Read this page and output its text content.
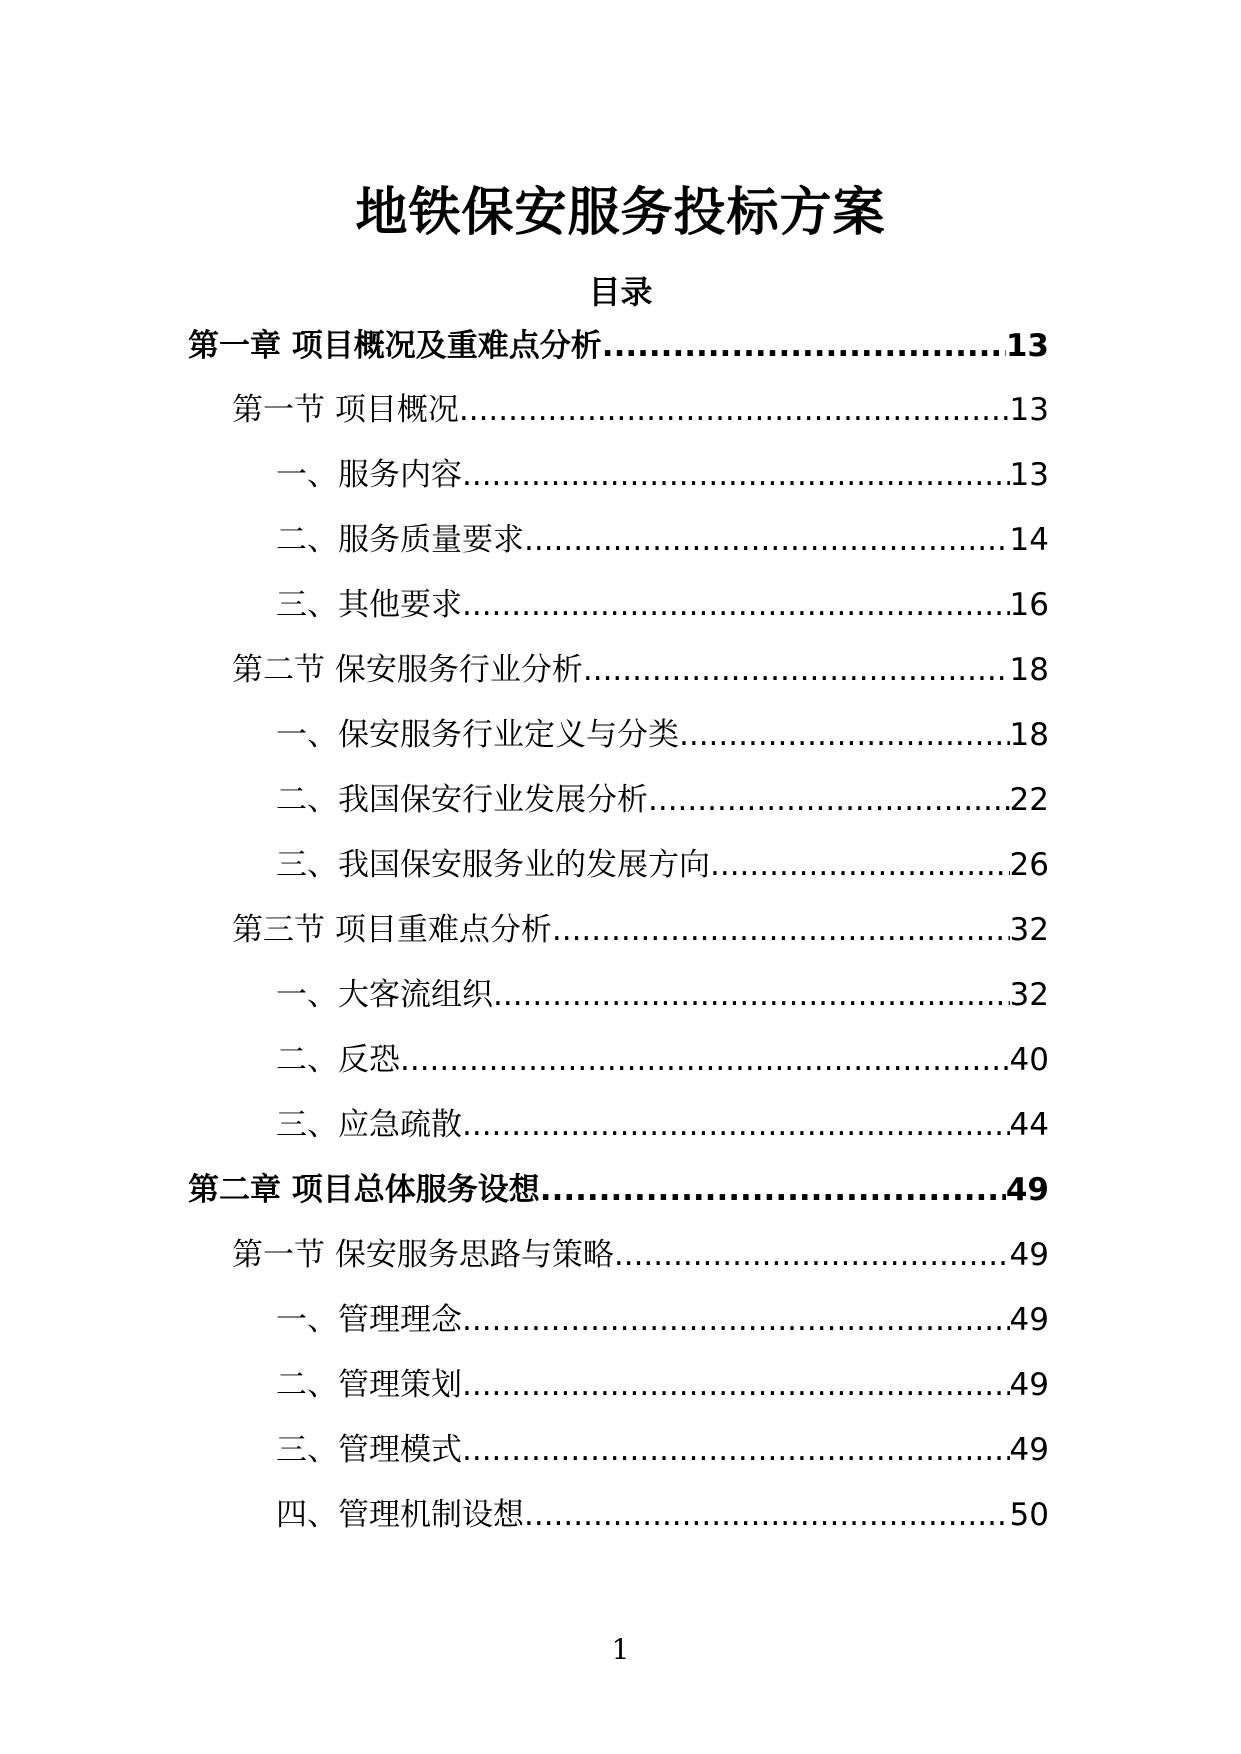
地铁保安服务投标方案
目录
第一章 项目概况及重难点分析 .....	13
第一节 项目概况 .....	13
一、服务内容 .....	13
二、服务质量要求 .....	14
三、其他要求 .....	16
第二节 保安服务行业分析 .....	18
一、保安服务行业定义与分类 .....	18
二、我国保安行业发展分析 .....	22
三、我国保安服务业的发展方向 .....	26
第三节 项目重难点分析 .....	32
一、大客流组织 .....	32
二、反恐 .....	40
三、应急疏散 .....	44
第二章 项目总体服务设想 .....	49
第一节 保安服务思路与策略 .....	49
一、管理理念 .....	49
二、管理策划 .....	49
三、管理模式 .....	49
四、管理机制设想 .....	50
1
